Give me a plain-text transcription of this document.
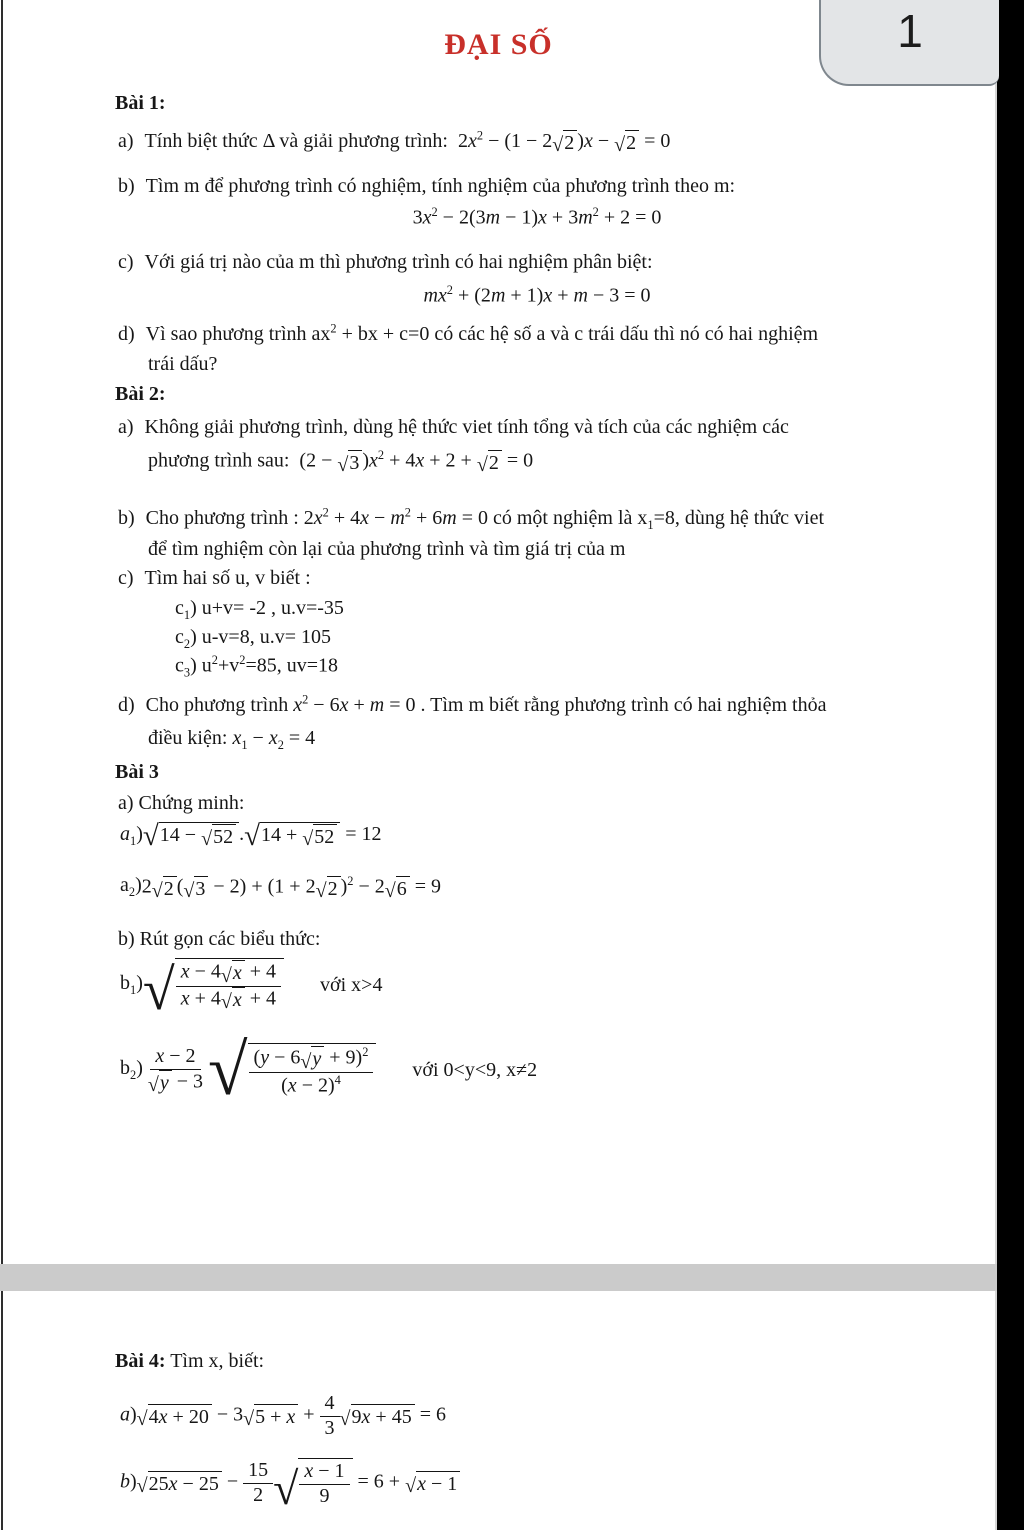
1
ĐẠI SỐ
Bài 1:
a) Tính biệt thức Δ và giải phương trình:  $2x^2 - (1 - 2$ √ 2 )x − √ 2 = 0
b) Tìm m để phương trình có nghiệm, tính nghiệm của phương trình theo m:
$3x^2 - 2(3m - 1)x + 3m^2 + 2 = 0$
c) Với giá trị nào của m thì phương trình có hai nghiệm phân biệt:
$mx^2 + (2m + 1)x + m - 3 = 0$
d) Vì sao phương trình $ax^2$ + bx + c=0 có các hệ số a và c trái dấu thì nó có hai nghiệm
trái dấu?
Bài 2:
a) Không giải phương trình, dùng hệ thức viet tính tổng và tích của các nghiệm các
phương trình sau:  (2 − √ 3 )$x^2 + 4x + 2$ + √ 2 = 0
b) Cho phương trình : $2x^2 + 4x - m^2 + 6m = 0$ có một nghiệm là $x_1=8$, dùng hệ thức viet
để tìm nghiệm còn lại của phương trình và tìm giá trị của m
c) Tìm hai số u, v biết :
$c_1$) u+v= -2 , u.v=-35
$c_2$) u-v=8, u.v= 105
$c_3$) $u^2+v^2=85$, uv=18
d) Cho phương trình $x^2 - 6x + m = 0$ . Tìm m biết rằng phương trình có hai nghiệm thỏa
điều kiện: $x_1 - x_2 = 4$
Bài 3
a) Chứng minh:
$a_1$) √ 14 − √ 52 . √ 14 + √ 52 = 12
$a_2$) 2 √ 2 ( √ 3 − 2) + (1 + 2 √ 2 )$^2$ − 2 √ 6 = 9
b) Rút gọn các biểu thức:
$b_1$) √ $\frac{x - 4 √ x + 4}{x + 4 √ x + 4}$ với x>4
$b_2) \frac{x - 2}{√ y - 3}$ √ $\frac{(y - 6 √ y + 9)^2}{(x - 2)^4}$ với 0<y<9, x≠2
Bài 4: Tìm x, biết:
a) √ 4x + 20 − 3 √ $5 + x + \frac{4}{3}$ √ 9x + 45 = 6
b) √ $25x - 25 - \frac{15}{2}$ √ $\frac{x - 1}{9} = 6$ + √ x − 1
